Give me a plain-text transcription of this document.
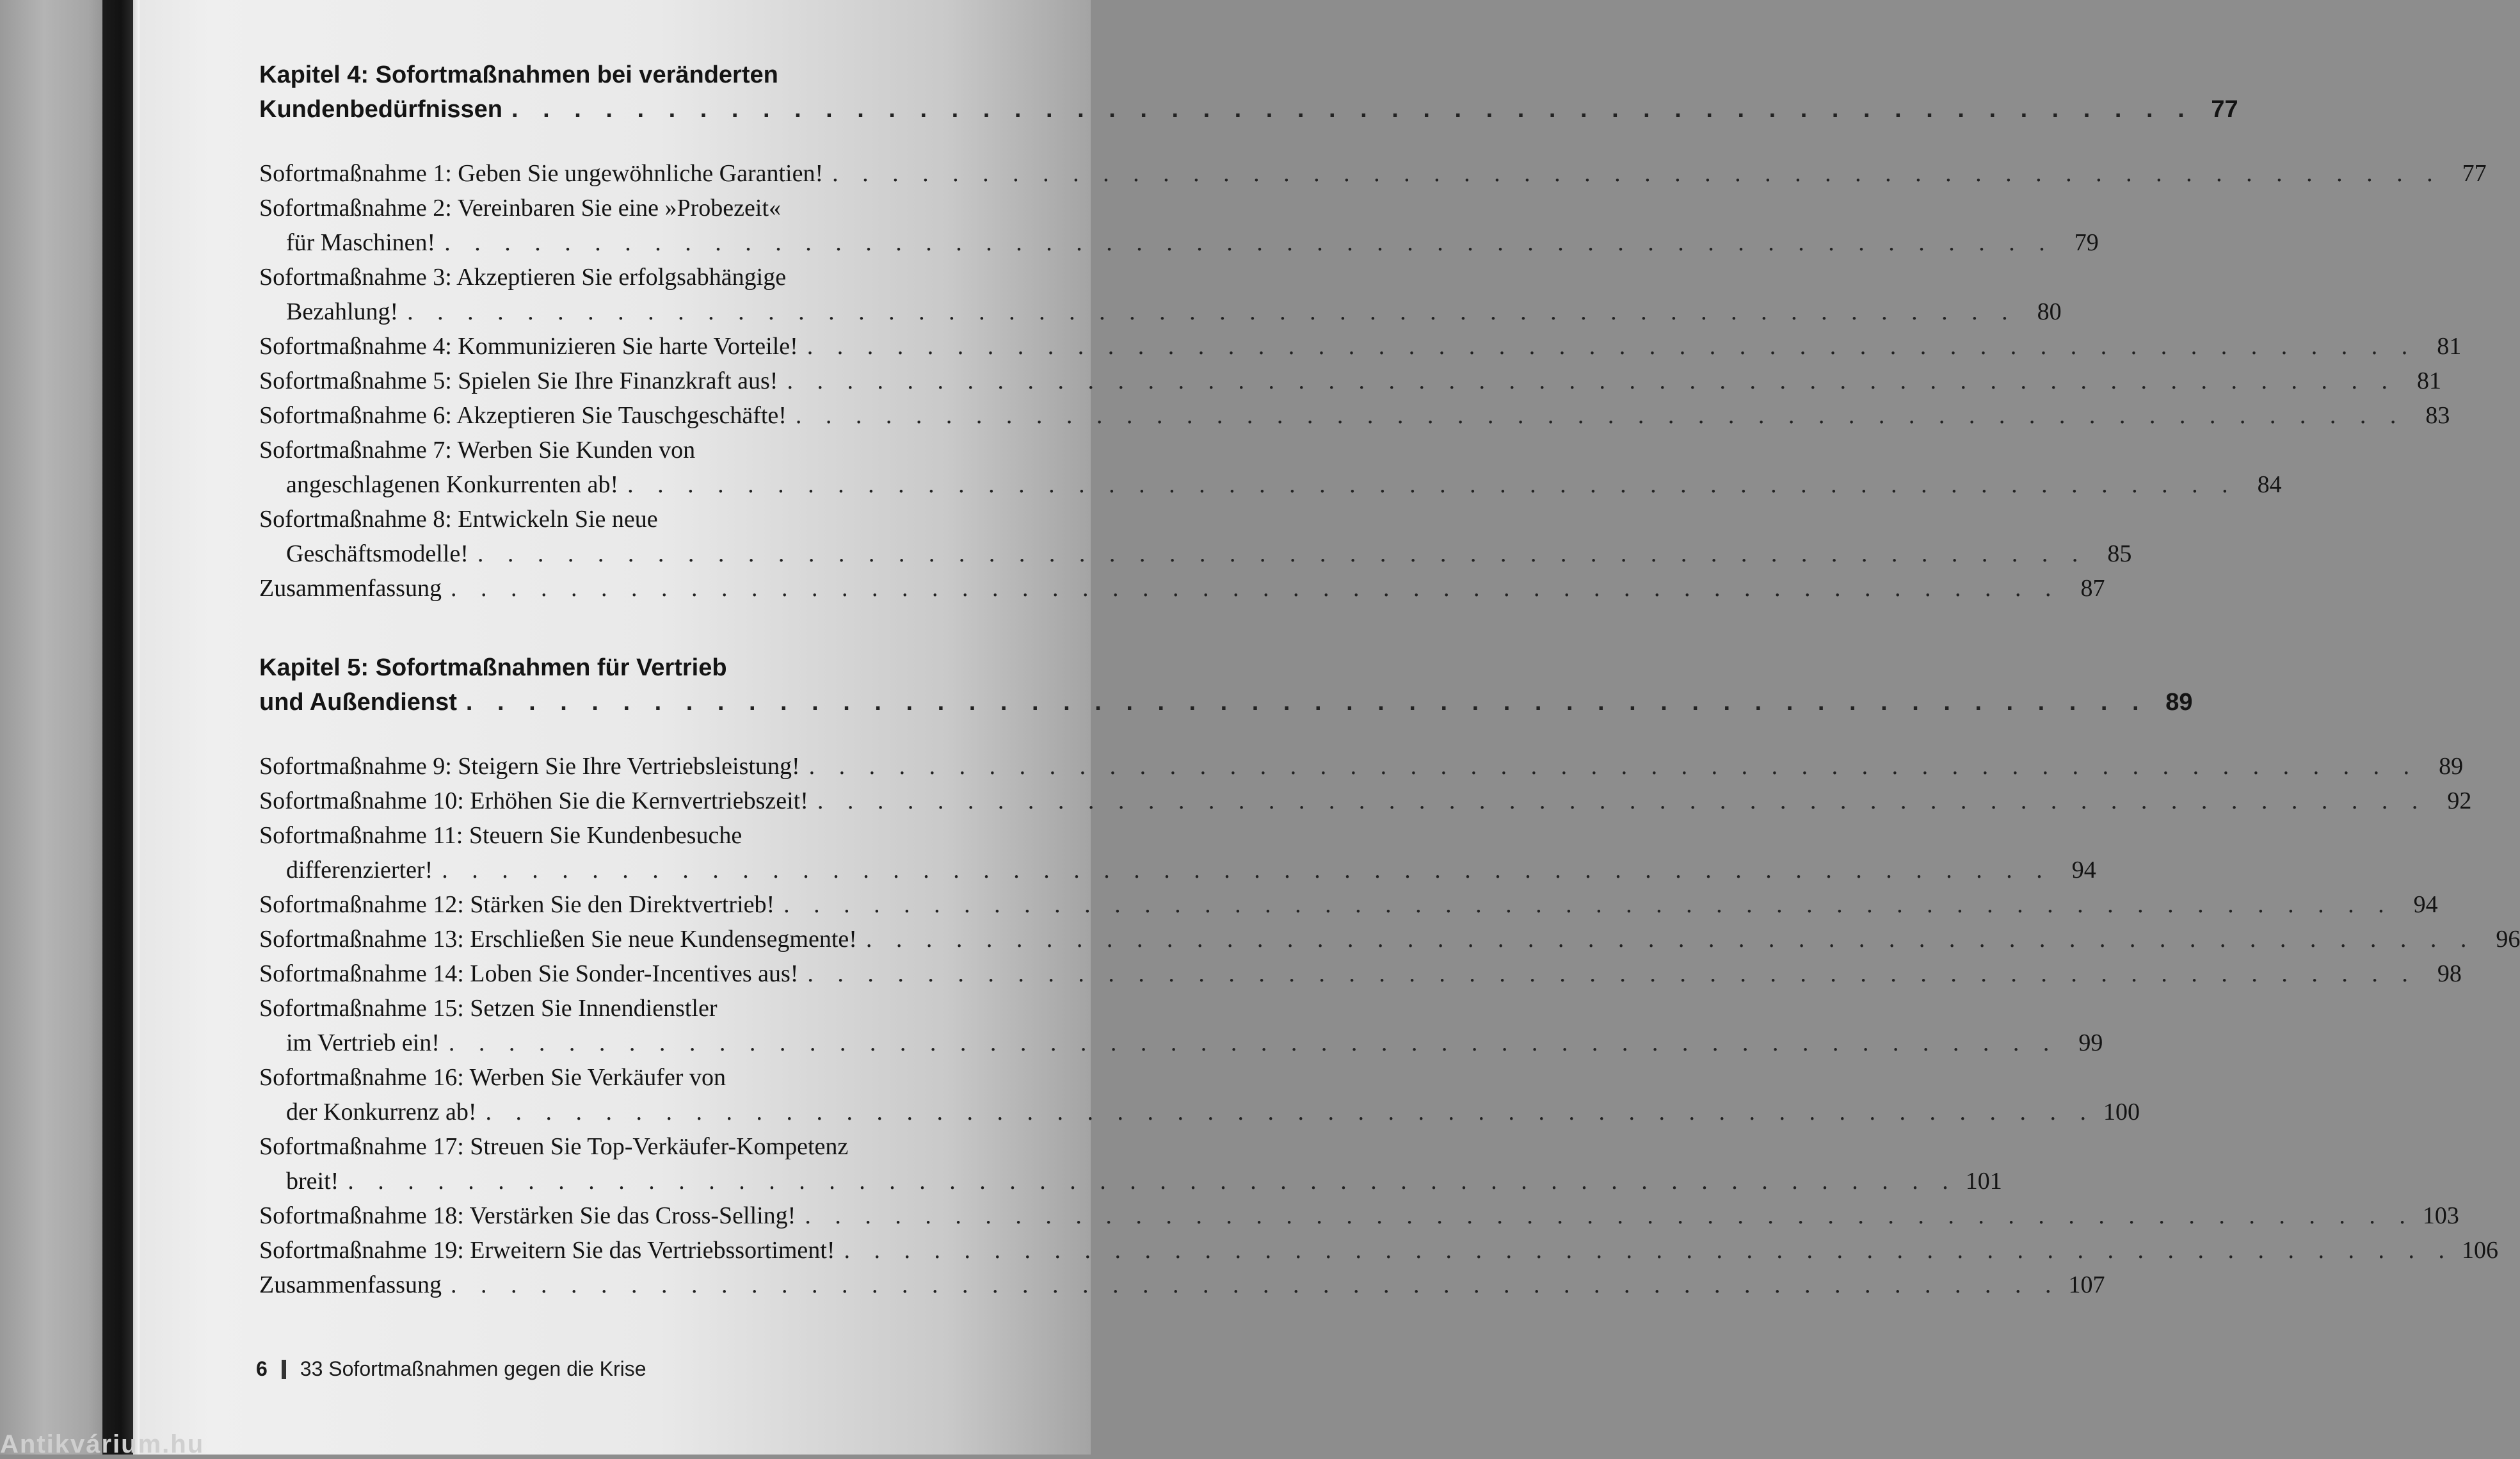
Kapitel 4: Sofortmaßnahmen bei veränderten
Kundenbedürfnissen . . . . . . . . . . . . . . . . . . . . . . . . . . . . . . . . . . . . . . . . . . . . . . . . . . . . . . 77
Sofortmaßnahme 1: Geben Sie ungewöhnliche Garantien! . . . . . . . . . . . . . . . . . . . . . . . . . . . . . . . . . . . . . . . . . . . . . . . . . . . . . . 77
Sofortmaßnahme 2: Vereinbaren Sie eine »Probezeit«
für Maschinen! . . . . . . . . . . . . . . . . . . . . . . . . . . . . . . . . . . . . . . . . . . . . . . . . . . . . . . 79
Sofortmaßnahme 3: Akzeptieren Sie erfolgsabhängige
Bezahlung! . . . . . . . . . . . . . . . . . . . . . . . . . . . . . . . . . . . . . . . . . . . . . . . . . . . . . . 80
Sofortmaßnahme 4: Kommunizieren Sie harte Vorteile! . . . . . . . . . . . . . . . . . . . . . . . . . . . . . . . . . . . . . . . . . . . . . . . . . . . . . . 81
Sofortmaßnahme 5: Spielen Sie Ihre Finanzkraft aus! . . . . . . . . . . . . . . . . . . . . . . . . . . . . . . . . . . . . . . . . . . . . . . . . . . . . . . 81
Sofortmaßnahme 6: Akzeptieren Sie Tauschgeschäfte! . . . . . . . . . . . . . . . . . . . . . . . . . . . . . . . . . . . . . . . . . . . . . . . . . . . . . . 83
Sofortmaßnahme 7: Werben Sie Kunden von
angeschlagenen Konkurrenten ab! . . . . . . . . . . . . . . . . . . . . . . . . . . . . . . . . . . . . . . . . . . . . . . . . . . . . . . 84
Sofortmaßnahme 8: Entwickeln Sie neue
Geschäftsmodelle! . . . . . . . . . . . . . . . . . . . . . . . . . . . . . . . . . . . . . . . . . . . . . . . . . . . . . . 85
Zusammenfassung . . . . . . . . . . . . . . . . . . . . . . . . . . . . . . . . . . . . . . . . . . . . . . . . . . . . . . 87
Kapitel 5: Sofortmaßnahmen für Vertrieb
und Außendienst . . . . . . . . . . . . . . . . . . . . . . . . . . . . . . . . . . . . . . . . . . . . . . . . . . . . . . 89
Sofortmaßnahme 9: Steigern Sie Ihre Vertriebsleistung! . . . . . . . . . . . . . . . . . . . . . . . . . . . . . . . . . . . . . . . . . . . . . . . . . . . . . . 89
Sofortmaßnahme 10: Erhöhen Sie die Kernvertriebszeit! . . . . . . . . . . . . . . . . . . . . . . . . . . . . . . . . . . . . . . . . . . . . . . . . . . . . . . 92
Sofortmaßnahme 11: Steuern Sie Kundenbesuche
differenzierter! . . . . . . . . . . . . . . . . . . . . . . . . . . . . . . . . . . . . . . . . . . . . . . . . . . . . . . 94
Sofortmaßnahme 12: Stärken Sie den Direktvertrieb! . . . . . . . . . . . . . . . . . . . . . . . . . . . . . . . . . . . . . . . . . . . . . . . . . . . . . . 94
Sofortmaßnahme 13: Erschließen Sie neue Kundensegmente! . . . . . . . . . . . . . . . . . . . . . . . . . . . . . . . . . . . . . . . . . . . . . . . . . . . . . . 96
Sofortmaßnahme 14: Loben Sie Sonder-Incentives aus! . . . . . . . . . . . . . . . . . . . . . . . . . . . . . . . . . . . . . . . . . . . . . . . . . . . . . . 98
Sofortmaßnahme 15: Setzen Sie Innendienstler
im Vertrieb ein! . . . . . . . . . . . . . . . . . . . . . . . . . . . . . . . . . . . . . . . . . . . . . . . . . . . . . . 99
Sofortmaßnahme 16: Werben Sie Verkäufer von
der Konkurrenz ab! . . . . . . . . . . . . . . . . . . . . . . . . . . . . . . . . . . . . . . . . . . . . . . . . . . . . . . 100
Sofortmaßnahme 17: Streuen Sie Top-Verkäufer-Kompetenz
breit! . . . . . . . . . . . . . . . . . . . . . . . . . . . . . . . . . . . . . . . . . . . . . . . . . . . . . . 101
Sofortmaßnahme 18: Verstärken Sie das Cross-Selling! . . . . . . . . . . . . . . . . . . . . . . . . . . . . . . . . . . . . . . . . . . . . . . . . . . . . . . 103
Sofortmaßnahme 19: Erweitern Sie das Vertriebssortiment! . . . . . . . . . . . . . . . . . . . . . . . . . . . . . . . . . . . . . . . . . . . . . . . . . . . . . . 106
Zusammenfassung . . . . . . . . . . . . . . . . . . . . . . . . . . . . . . . . . . . . . . . . . . . . . . . . . . . . . . 107
6 33 Sofortmaßnahmen gegen die Krise
Antikvárium.hu
